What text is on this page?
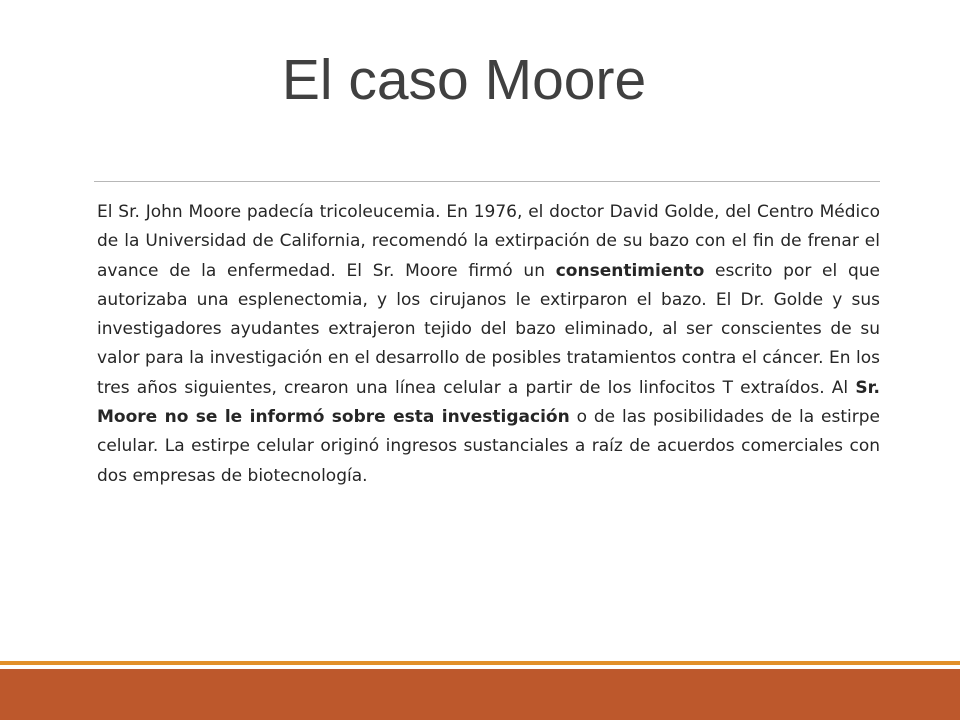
El caso Moore

El Sr. John Moore padecía tricoleucemia. En 1976, el doctor David Golde, del Centro Médico de la Universidad de California, recomendó la extirpación de su bazo con el fin de frenar el avance de la enfermedad. El Sr. Moore firmó un consentimiento escrito por el que autorizaba una esplenectomia, y los cirujanos le extirparon el bazo. El Dr. Golde y sus investigadores ayudantes extrajeron tejido del bazo eliminado, al ser conscientes de su valor para la investigación en el desarrollo de posibles tratamientos contra el cáncer. En los tres años siguientes, crearon una línea celular a partir de los linfocitos T extraídos. Al Sr. Moore no se le informó sobre esta investigación o de las posibilidades de la estirpe celular. La estirpe celular originó ingresos sustanciales a raíz de acuerdos comerciales con dos empresas de biotecnología.
